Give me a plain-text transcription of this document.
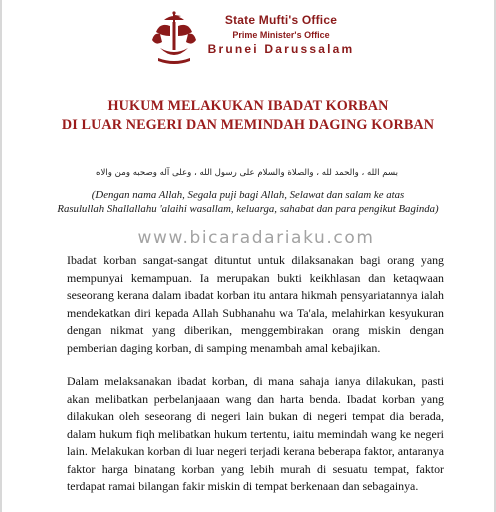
State Mufti's Office
Prime Minister's Office
Brunei Darussalam
HUKUM MELAKUKAN IBADAT KORBAN
DI LUAR NEGERI DAN MEMINDAH DAGING KORBAN
بسم الله ، والحمد لله ، والصلاة والسلام على رسول الله ، وعلى آله وصحبه ومن والاه
(Dengan nama Allah, Segala puji bagi Allah, Selawat dan salam ke atas
Rasulullah Shallallahu 'alaihi wasallam, keluarga, sahabat dan para pengikut Baginda)
www.bicaradariaku.com

Ibadat korban sangat-sangat dituntut untuk dilaksanakan bagi orang yang mempunyai kemampuan. Ia merupakan bukti keikhlasan dan ketaqwaan seseorang kerana dalam ibadat korban itu antara hikmah pensyariatannya ialah mendekatkan diri kepada Allah Subhanahu wa Ta'ala, melahirkan kesyukuran dengan nikmat yang diberikan, menggembirakan orang miskin dengan pemberian daging korban, di samping menambah amal kebajikan.

Dalam melaksanakan ibadat korban, di mana sahaja ianya dilakukan, pasti akan melibatkan perbelanjaaan wang dan harta benda. Ibadat korban yang dilakukan oleh seseorang di negeri lain bukan di negeri tempat dia berada, dalam hukum fiqh melibatkan hukum tertentu, iaitu memindah wang ke negeri lain. Melakukan korban di luar negeri terjadi kerana beberapa faktor, antaranya faktor harga binatang korban yang lebih murah di sesuatu tempat, faktor terdapat ramai bilangan fakir miskin di tempat berkenaan dan sebagainya.
